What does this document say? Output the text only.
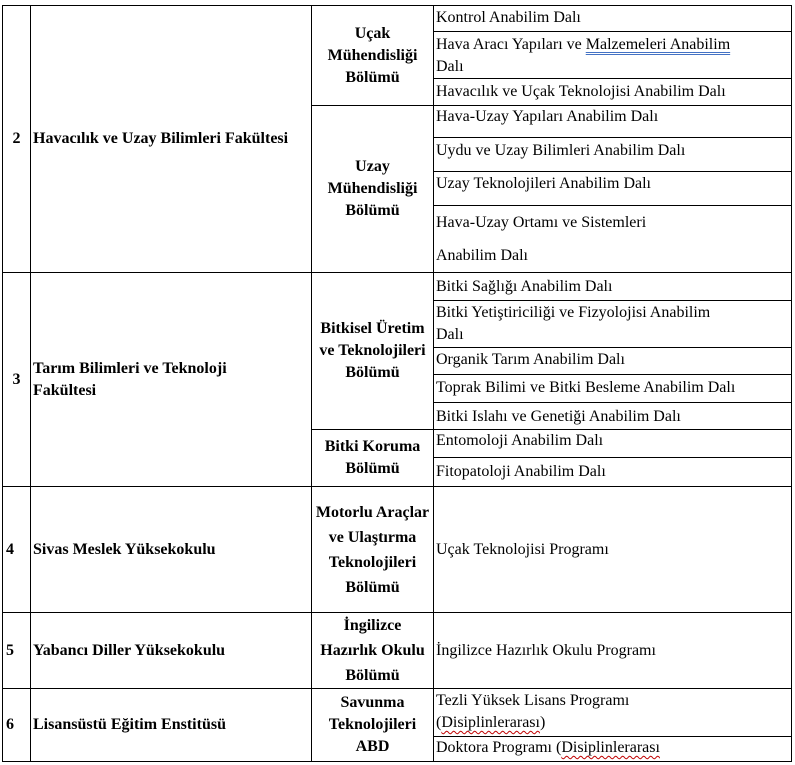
2 Havacılık ve Uzay Bilimleri Fakültesi
Uçak Mühendisliği Bölümü
Uzay Mühendisliği Bölümü
Kontrol Anabilim Dalı
Hava Aracı Yapıları ve Malzemeleri Anabilim Dalı
Havacılık ve Uçak Teknolojisi Anabilim Dalı
Hava-Uzay Yapıları Anabilim Dalı
Uydu ve Uzay Bilimleri Anabilim Dalı
Uzay Teknolojileri Anabilim Dalı
Hava-Uzay Ortamı ve Sistemleri Anabilim Dalı
3
Tarım Bilimleri ve Teknoloji Fakültesi
Bitkisel Üretim ve Teknolojileri Bölümü
Bitki Koruma Bölümü
Bitki Sağlığı Anabilim Dalı
Bitki Yetiştiriciliği ve Fizyolojisi Anabilim Dalı
Organik Tarım Anabilim Dalı
Toprak Bilimi ve Bitki Besleme Anabilim Dalı
Bitki Islahı ve Genetiği Anabilim Dalı
Entomoloji Anabilim Dalı
Fitopatoloji Anabilim Dalı
4 Sivas Meslek Yüksekokulu
Motorlu Araçlar ve Ulaştırma Teknolojileri Bölümü
Uçak Teknolojisi Programı
5 Yabancı Diller Yüksekokulu
İngilizce Hazırlık Okulu Bölümü
İngilizce Hazırlık Okulu Programı
6 Lisansüstü Eğitim Enstitüsü
Savunma Teknolojileri ABD
Tezli Yüksek Lisans Programı (Disiplinlerarası)
Doktora Programı (Disiplinlerarası
